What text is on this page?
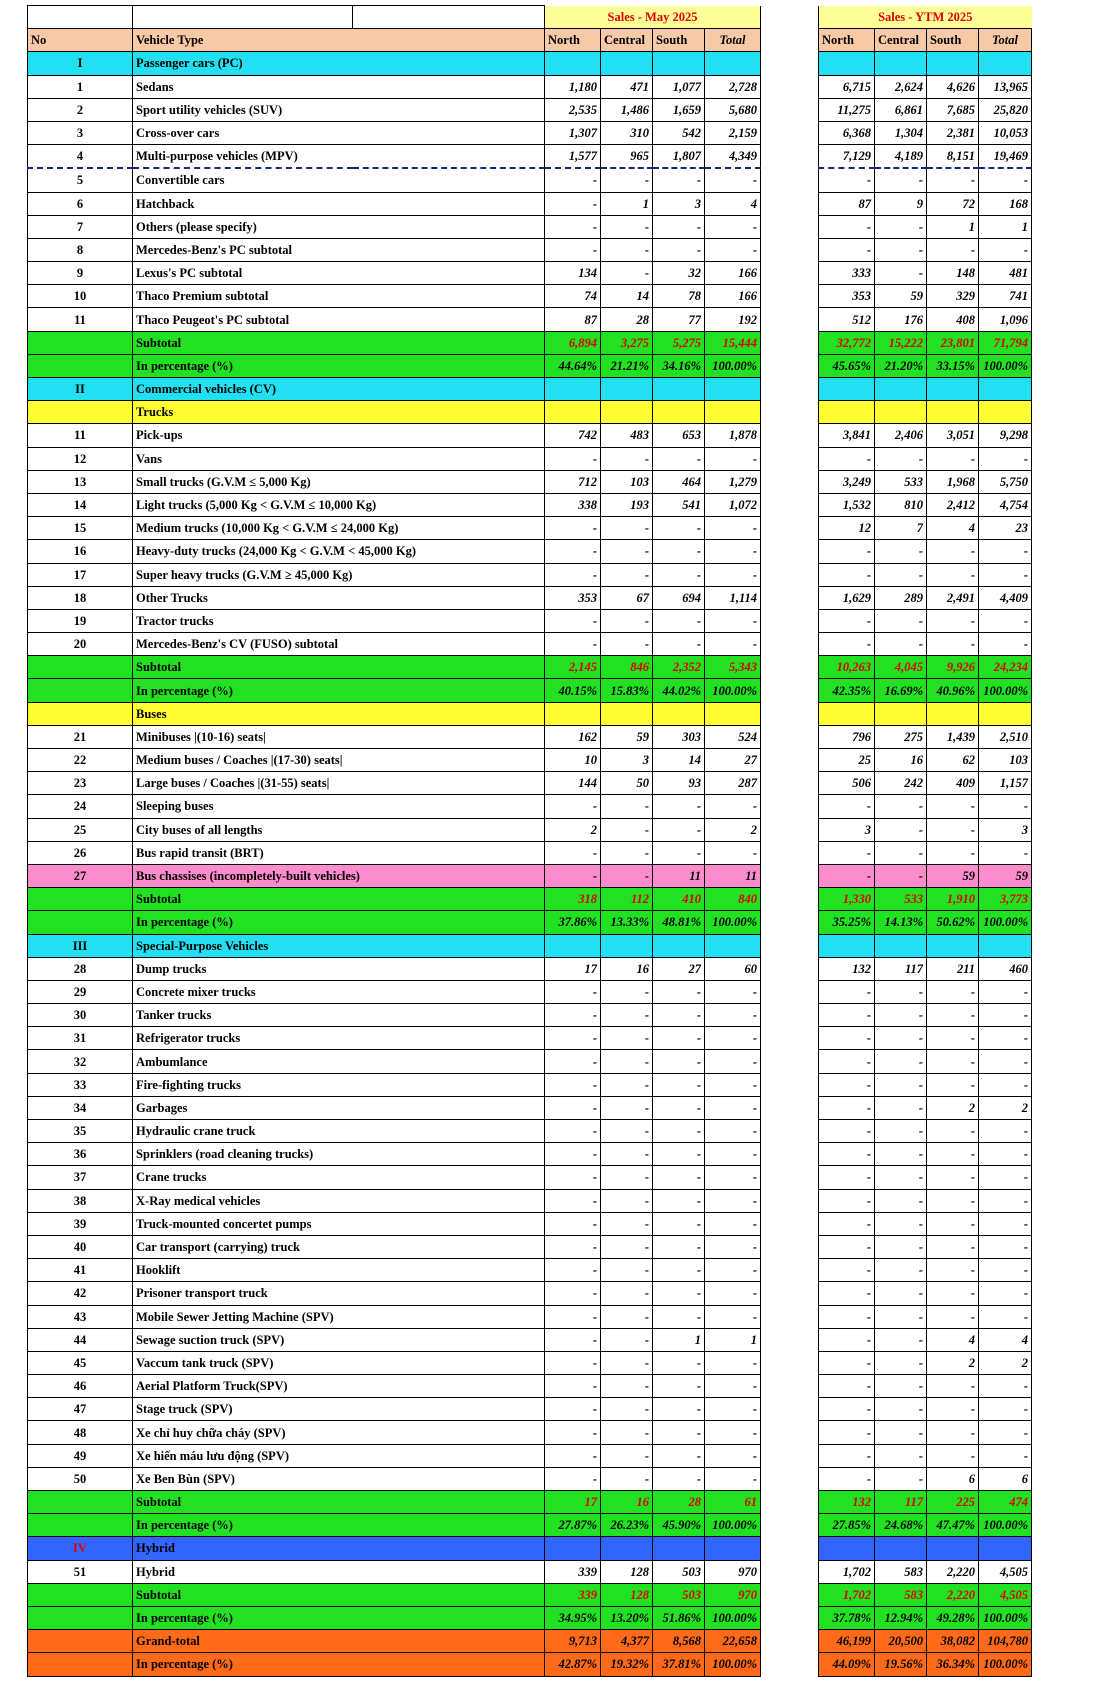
			Sales - May 2025					Sales - YTM 2025			
No	Vehicle Type		North	Central	South	Total		North	Central	South	Total
I	Passenger cars (PC)										
1	Sedans		1,180	471	1,077	2,728		6,715	2,624	4,626	13,965
2	Sport utility vehicles (SUV)		2,535	1,486	1,659	5,680		11,275	6,861	7,685	25,820
3	Cross-over cars		1,307	310	542	2,159		6,368	1,304	2,381	10,053
4	Multi-purpose vehicles (MPV)		1,577	965	1,807	4,349		7,129	4,189	8,151	19,469
5	Convertible cars		-	-	-	-		-	-	-	-
6	Hatchback		-	1	3	4		87	9	72	168
7	Others (please specify)		-	-	-	-		-	-	1	1
8	Mercedes-Benz's PC subtotal		-	-	-	-		-	-	-	-
9	Lexus's PC subtotal		134	-	32	166		333	-	148	481
10	Thaco Premium subtotal		74	14	78	166		353	59	329	741
11	Thaco Peugeot's PC subtotal		87	28	77	192		512	176	408	1,096
	Subtotal		6,894	3,275	5,275	15,444		32,772	15,222	23,801	71,794
	In percentage (%)		44.64%	21.21%	34.16%	100.00%		45.65%	21.20%	33.15%	100.00%
II	Commercial vehicles (CV)										
	Trucks										
11	Pick-ups		742	483	653	1,878		3,841	2,406	3,051	9,298
12	Vans		-	-	-	-		-	-	-	-
13	Small trucks (G.V.M ≤ 5,000 Kg)		712	103	464	1,279		3,249	533	1,968	5,750
14	Light trucks (5,000 Kg < G.V.M ≤ 10,000 Kg)		338	193	541	1,072		1,532	810	2,412	4,754
15	Medium trucks (10,000 Kg < G.V.M ≤ 24,000 Kg)		-	-	-	-		12	7	4	23
16	Heavy-duty trucks (24,000 Kg < G.V.M < 45,000 Kg)		-	-	-	-		-	-	-	-
17	Super heavy trucks (G.V.M ≥ 45,000 Kg)		-	-	-	-		-	-	-	-
18	Other Trucks		353	67	694	1,114		1,629	289	2,491	4,409
19	Tractor trucks		-	-	-	-		-	-	-	-
20	Mercedes-Benz's CV (FUSO) subtotal		-	-	-	-		-	-	-	-
	Subtotal		2,145	846	2,352	5,343		10,263	4,045	9,926	24,234
	In percentage (%)		40.15%	15.83%	44.02%	100.00%		42.35%	16.69%	40.96%	100.00%
	Buses										
21	Minibuses |(10-16) seats|		162	59	303	524		796	275	1,439	2,510
22	Medium buses / Coaches |(17-30) seats|		10	3	14	27		25	16	62	103
23	Large buses / Coaches |(31-55) seats|		144	50	93	287		506	242	409	1,157
24	Sleeping buses		-	-	-	-		-	-	-	-
25	City buses of all lengths		2	-	-	2		3	-	-	3
26	Bus rapid transit (BRT)		-	-	-	-		-	-	-	-
27	Bus chassises (incompletely-built vehicles)		-	-	11	11		-	-	59	59
	Subtotal		318	112	410	840		1,330	533	1,910	3,773
	In percentage (%)		37.86%	13.33%	48.81%	100.00%		35.25%	14.13%	50.62%	100.00%
III	Special-Purpose Vehicles										
28	Dump trucks		17	16	27	60		132	117	211	460
29	Concrete mixer trucks		-	-	-	-		-	-	-	-
30	Tanker trucks		-	-	-	-		-	-	-	-
31	Refrigerator trucks		-	-	-	-		-	-	-	-
32	Ambumlance		-	-	-	-		-	-	-	-
33	Fire-fighting trucks		-	-	-	-		-	-	-	-
34	Garbages		-	-	-	-		-	-	2	2
35	Hydraulic crane truck		-	-	-	-		-	-	-	-
36	Sprinklers (road cleaning trucks)		-	-	-	-		-	-	-	-
37	Crane trucks		-	-	-	-		-	-	-	-
38	X-Ray medical vehicles		-	-	-	-		-	-	-	-
39	Truck-mounted concertet pumps		-	-	-	-		-	-	-	-
40	Car transport (carrying) truck		-	-	-	-		-	-	-	-
41	Hooklift		-	-	-	-		-	-	-	-
42	Prisoner transport truck		-	-	-	-		-	-	-	-
43	Mobile Sewer Jetting Machine (SPV)		-	-	-	-		-	-	-	-
44	Sewage suction truck (SPV)		-	-	1	1		-	-	4	4
45	Vaccum tank truck (SPV)		-	-	-	-		-	-	2	2
46	Aerial Platform Truck(SPV)		-	-	-	-		-	-	-	-
47	Stage truck (SPV)		-	-	-	-		-	-	-	-
48	Xe chỉ huy chữa cháy (SPV)		-	-	-	-		-	-	-	-
49	Xe hiến máu lưu động (SPV)		-	-	-	-		-	-	-	-
50	Xe Ben Bùn (SPV)		-	-	-	-		-	-	6	6
	Subtotal		17	16	28	61		132	117	225	474
	In percentage (%)		27.87%	26.23%	45.90%	100.00%		27.85%	24.68%	47.47%	100.00%
IV	Hybrid										
51	Hybrid		339	128	503	970		1,702	583	2,220	4,505
	Subtotal		339	128	503	970		1,702	583	2,220	4,505
	In percentage (%)		34.95%	13.20%	51.86%	100.00%		37.78%	12.94%	49.28%	100.00%
	Grand-total		9,713	4,377	8,568	22,658		46,199	20,500	38,082	104,780
	In percentage (%)		42.87%	19.32%	37.81%	100.00%		44.09%	19.56%	36.34%	100.00%
